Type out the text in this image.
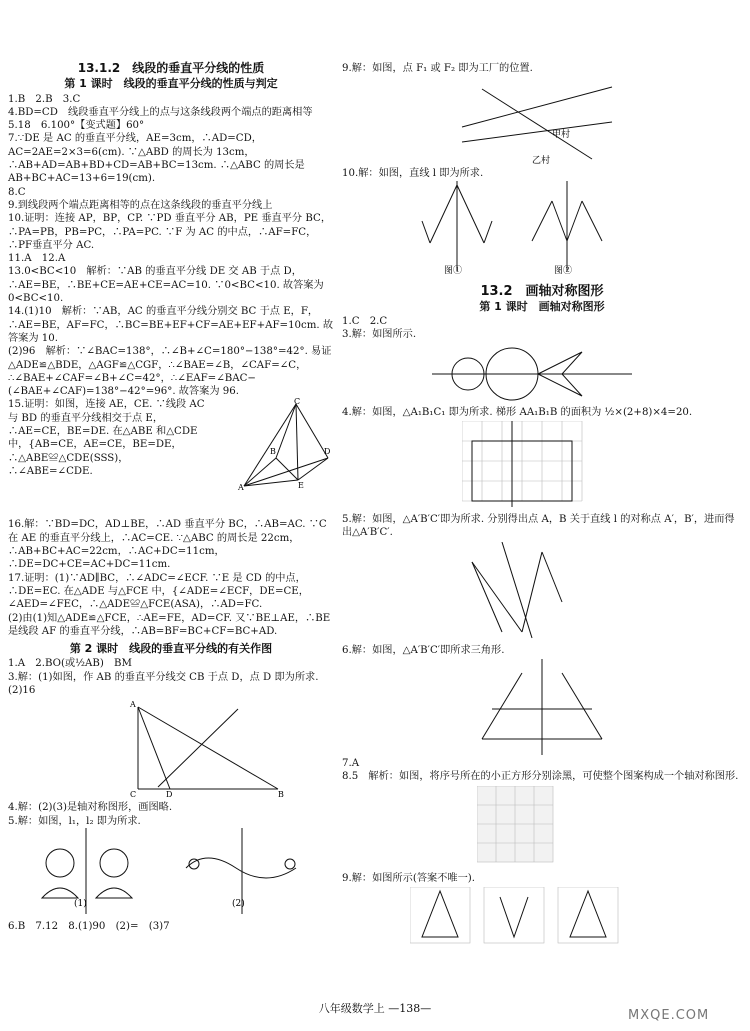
13.1.2　线段的垂直平分线的性质
第 1 课时　线段的垂直平分线的性质与判定

1.B　2.B　3.C

4.BD=CD　线段垂直平分线上的点与这条线段两个端点的距离相等

5.18　6.100°【变式题】60°

7.∵DE 是 AC 的垂直平分线，AE=3cm，∴AD=CD，AC=2AE=2×3=6(cm). ∵△ABD 的周长为 13cm，∴AB+AD=AB+BD+CD=AB+BC=13cm. ∴△ABC 的周长是 AB+BC+AC=13+6=19(cm).

8.C

9.到线段两个端点距离相等的点在这条线段的垂直平分线上

10.证明：连接 AP，BP，CP. ∵PD 垂直平分 AB，PE 垂直平分 BC，∴PA=PB，PB=PC，∴PA=PC. ∵F 为 AC 的中点，∴AF=FC，∴PF垂直平分 AC.

11.A　12.A

13.0<BC<10　解析：∵AB 的垂直平分线 DE 交 AB 于点 D，∴AE=BE，∴BE+CE=AE+CE=AC=10. ∵0<BC<10. 故答案为 0<BC<10.

14.(1)10　解析：∵AB，AC 的垂直平分线分别交 BC 于点 E，F，∴AE=BE，AF=FC，∴BC=BE+EF+CF=AE+EF+AF=10cm. 故答案为 10.

(2)96　解析：∵∠BAC=138°，∴∠B+∠C=180°−138°=42°. 易证 △ADE≌△BDE，△AGF≌△CGF，∴∠BAE=∠B，∠CAF=∠C，∴∠BAE+∠CAF=∠B+∠C=42°，∴∠EAF=∠BAC−(∠BAE+∠CAF)=138°−42°=96°. 故答案为 96.

15.证明：如图，连接 AE，CE. ∵线段 AC 与 BD 的垂直平分线相交于点 E，∴AE=CE，BE=DE. 在△ABE 和△CDE 中，{AB=CE，AE=CE，BE=DE，∴△ABE≌△CDE(SSS)，∴∠ABE=∠CDE.

C
A
B	D
E

16.解：∵BD=DC，AD⊥BE，∴AD 垂直平分 BC，∴AB=AC. ∵C在 AE 的垂直平分线上，∴AC=CE. ∵△ABC 的周长是 22cm，∴AB+BC+AC=22cm，∴AC+DC=11cm，∴DE=DC+CE=AC+DC=11cm.

17.证明：(1)∵AD∥BC，∴∠ADC=∠ECF. ∵E 是 CD 的中点，∴DE=EC. 在△ADE 与△FCE 中，{∠ADE=∠ECF，DE=CE，∠AED=∠FEC，∴△ADE≌△FCE(ASA)，∴AD=FC.

(2)由(1)知△ADE≌△FCE，∴AE=FE，AD=CF. 又∵BE⊥AE，∴BE 是线段 AF 的垂直平分线，∴AB=BF=BC+CF=BC+AD.

第 2 课时　线段的垂直平分线的有关作图

1.A　2.BO(或½AB)　BM

3.解：(1)如图，作 AB 的垂直平分线交 CB 于点 D，点 D 即为所求.

(2)16

A
C	D	B

4.解：(2)(3)是轴对称图形，画图略.

5.解：如图，l₁，l₂ 即为所求.

(1)	(2)

6.B　7.12　8.(1)90　(2)=　(3)7

9.解：如图，点 F₁ 或 F₂ 即为工厂的位置.

甲村
乙村

10.解：如图，直线 l 即为所求.

图①	图②
13.2　画轴对称图形
第 1 课时　画轴对称图形

1.C　2.C

3.解：如图所示.

4.解：如图，△A₁B₁C₁ 即为所求. 梯形 AA₁B₁B 的面积为 ½×(2+8)×4=20.

5.解：如图，△A′B′C′即为所求. 分别得出点 A，B 关于直线 l 的对称点 A′，B′，进而得出△A′B′C′.

6.解：如图，△A′B′C′即所求三角形.

7.A

8.5　解析：如图，将序号所在的小正方形分别涂黑，可使整个图案构成一个轴对称图形.

9.解：如图所示(答案不唯一).

八年级数学上 —138—	MXQE.COM
